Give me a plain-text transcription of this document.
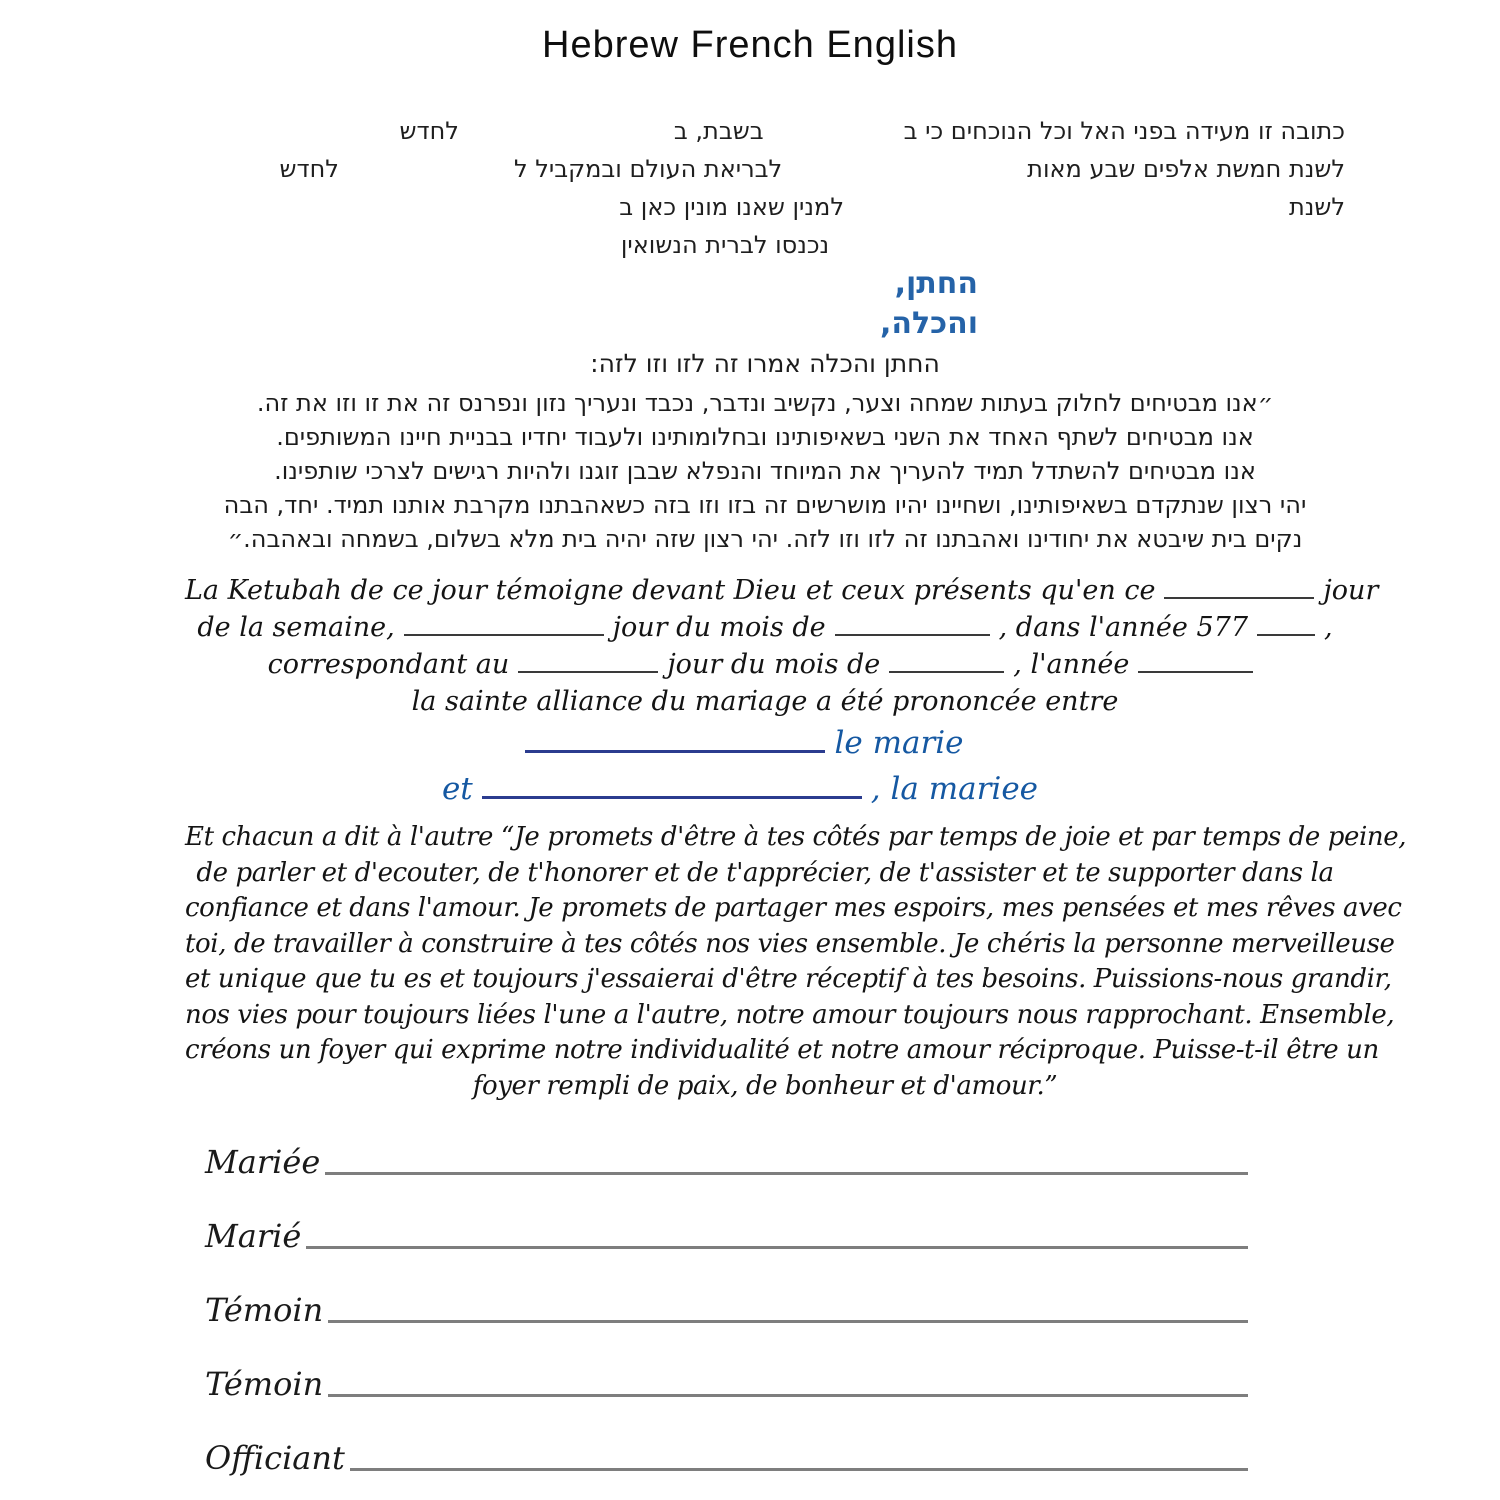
Hebrew French English
כתובה זו מעידה בפני האל וכל הנוכחים כי ב
בשבת, ב
לחדש
לשנת חמשת אלפים שבע מאות
לבריאת העולם ובמקביל ל
לחדש
לשנת
למנין שאנו מונין כאן ב
נכנסו לברית הנשואין
החתן,
והכלה,
החתן והכלה אמרו זה לזו וזו לזה:
״אנו מבטיחים לחלוק בעתות שמחה וצער, נקשיב ונדבר, נכבד ונעריך נזון ונפרנס זה את זו וזו את זה.
אנו מבטיחים לשתף האחד את השני בשאיפותינו ובחלומותינו ולעבוד יחדיו בבניית חיינו המשותפים.
אנו מבטיחים להשתדל תמיד להעריך את המיוחד והנפלא שבבן זוגנו ולהיות רגישים לצרכי שותפינו.
יהי רצון שנתקדם בשאיפותינו, ושחיינו יהיו מושרשים זה בזו וזו בזה כשאהבתנו מקרבת אותנו תמיד. יחד, הבה
נקים בית שיבטא את יחודינו ואהבתנו זה לזו וזו לזה. יהי רצון שזה יהיה בית מלא בשלום, בשמחה ובאהבה.״
La Ketubah de ce jour témoigne devant Dieu et ceux présents qu'en ce	jour
de la semaine,	jour du mois de	, dans l'année 577	,
correspondant au	jour du mois de	, l'année
la sainte alliance du mariage a été prononcée entre
le marie
et	, la mariee
Et chacun a dit à l'autre “Je promets d'être à tes côtés par temps de joie et par temps de peine,
de parler et d'ecouter, de t'honorer et de t'apprécier, de t'assister et te supporter dans la
confiance et dans l'amour. Je promets de partager mes espoirs, mes pensées et mes rêves avec
toi, de travailler à construire à tes côtés nos vies ensemble. Je chéris la personne merveilleuse
et unique que tu es et toujours j'essaierai d'être réceptif à tes besoins. Puissions-nous grandir,
nos vies pour toujours liées l'une a l'autre, notre amour toujours nous rapprochant. Ensemble,
créons un foyer qui exprime notre individualité et notre amour réciproque. Puisse-t-il être un
foyer rempli de paix, de bonheur et d'amour.”
Mariée
Marié
Témoin
Témoin
Officiant
